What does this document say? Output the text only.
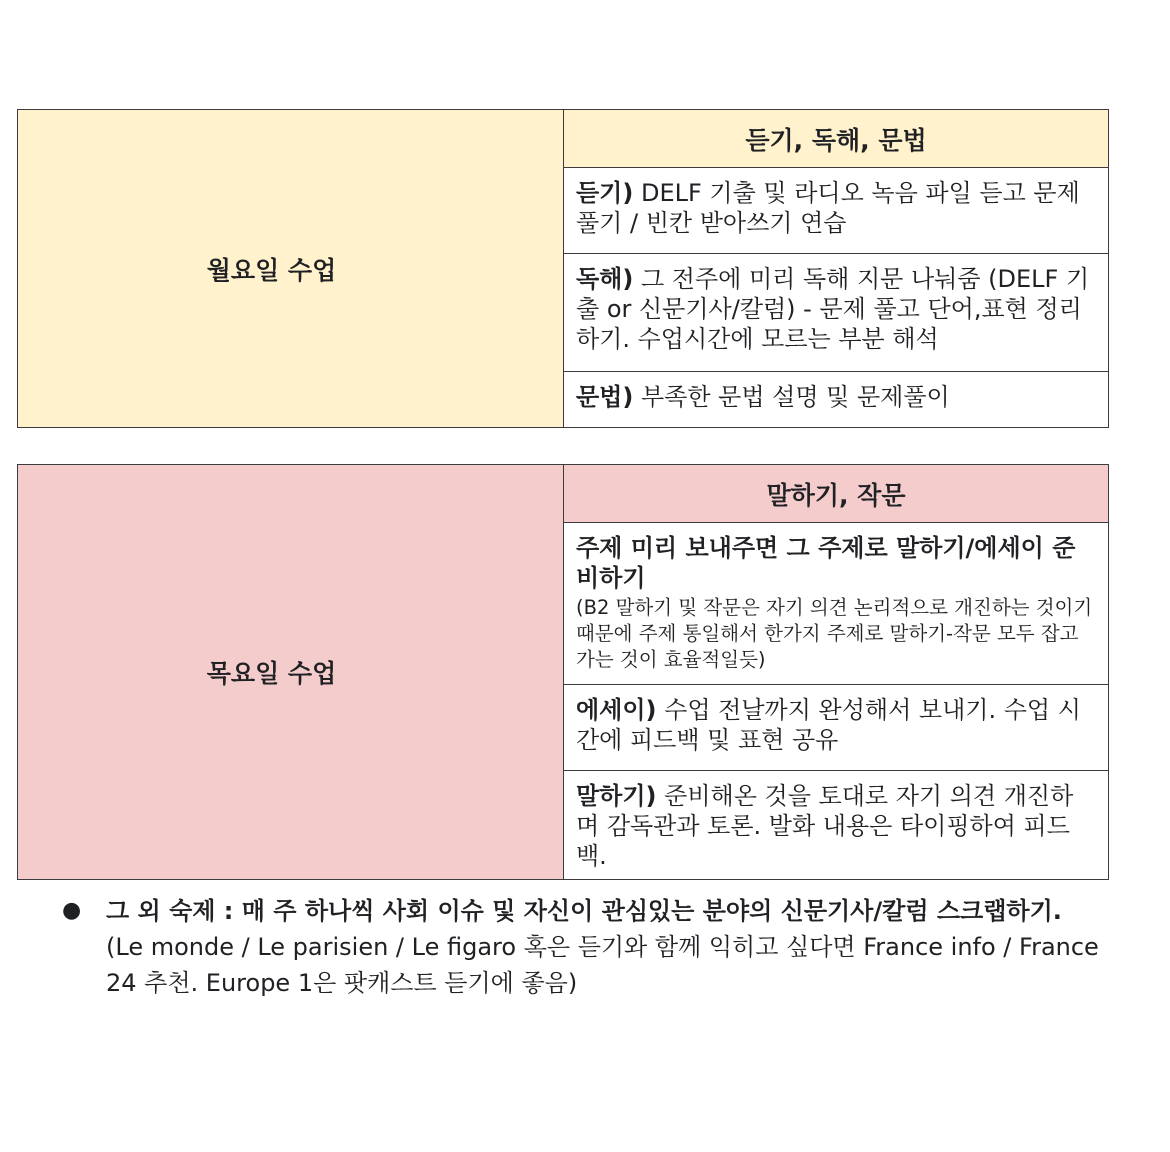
월요일 수업	듣기, 독해, 문법
듣기) DELF 기출 및 라디오 녹음 파일 듣고 문제 풀기 / 빈칸 받아쓰기 연습
독해) 그 전주에 미리 독해 지문 나눠줌 (DELF 기출 or 신문기사/칼럼) - 문제 풀고 단어,표현 정리하기. 수업시간에 모르는 부분 해석
문법) 부족한 문법 설명 및 문제풀이
목요일 수업	말하기, 작문
주제 미리 보내주면 그 주제로 말하기/에세이 준비하기
(B2 말하기 및 작문은 자기 의견 논리적으로 개진하는 것이기 때문에 주제 통일해서 한가지 주제로 말하기-작문 모두 잡고가는 것이 효율적일듯)

에세이) 수업 전날까지 완성해서 보내기. 수업 시간에 피드백 및 표현 공유
말하기) 준비해온 것을 토대로 자기 의견 개진하며 감독관과 토론. 발화 내용은 타이핑하여 피드백.
● 그 외 숙제 : 매 주 하나씩 사회 이슈 및 자신이 관심있는 분야의 신문기사/칼럼 스크랩하기.
(Le monde / Le parisien / Le figaro 혹은 듣기와 함께 익히고 싶다면 France info / France 24 추천. Europe 1은 팟캐스트 듣기에 좋음)
